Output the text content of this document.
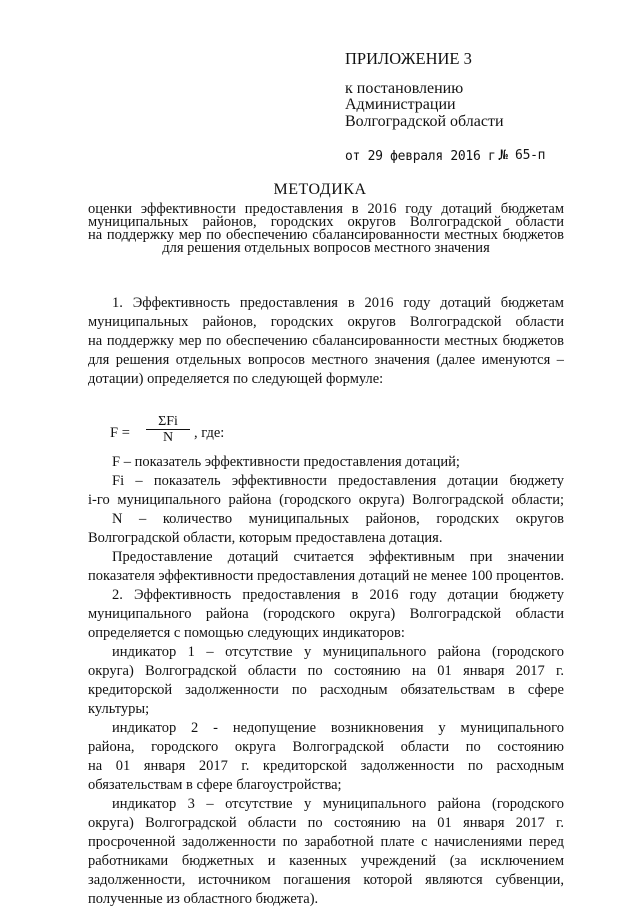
ПРИЛОЖЕНИЕ 3
к постановлению
Администрации
Волгоградской области
от 29 февраля 2016 г.
№ 65-п
МЕТОДИКА
оценки эффективности предоставления в 2016 году дотаций бюджетам
муниципальных районов, городских округов Волгоградской области
на поддержку мер по обеспечению сбалансированности местных бюджетов
для решения отдельных вопросов местного значения
1. Эффективность предоставления в 2016 году дотаций бюджетам
муниципальных районов, городских округов Волгоградской области
на поддержку мер по обеспечению сбалансированности местных бюджетов
для решения отдельных вопросов местного значения (далее именуются –
дотации) определяется по следующей формуле:
F =
ΣFi
N	, где:
F – показатель эффективности предоставления дотаций;
Fi – показатель эффективности предоставления дотации бюджету
i-го муниципального района (городского округа) Волгоградской области;
N – количество муниципальных районов, городских округов
Волгоградской области, которым предоставлена дотация.
Предоставление дотаций считается эффективным при значении
показателя эффективности предоставления дотаций не менее 100 процентов.
2. Эффективность предоставления в 2016 году дотации бюджету
муниципального района (городского округа) Волгоградской области
определяется с помощью следующих индикаторов:
индикатор 1 – отсутствие у муниципального района (городского
округа) Волгоградской области по состоянию на 01 января 2017 г.
кредиторской задолженности по расходным обязательствам в сфере
культуры;
индикатор 2 - недопущение возникновения у муниципального
района, городского округа Волгоградской области по состоянию
на 01 января 2017 г. кредиторской задолженности по расходным
обязательствам в сфере благоустройства;
индикатор 3 – отсутствие у муниципального района (городского
округа) Волгоградской области по состоянию на 01 января 2017 г.
просроченной задолженности по заработной плате с начислениями перед
работниками бюджетных и казенных учреждений (за исключением
задолженности, источником погашения которой являются субвенции,
полученные из областного бюджета).
